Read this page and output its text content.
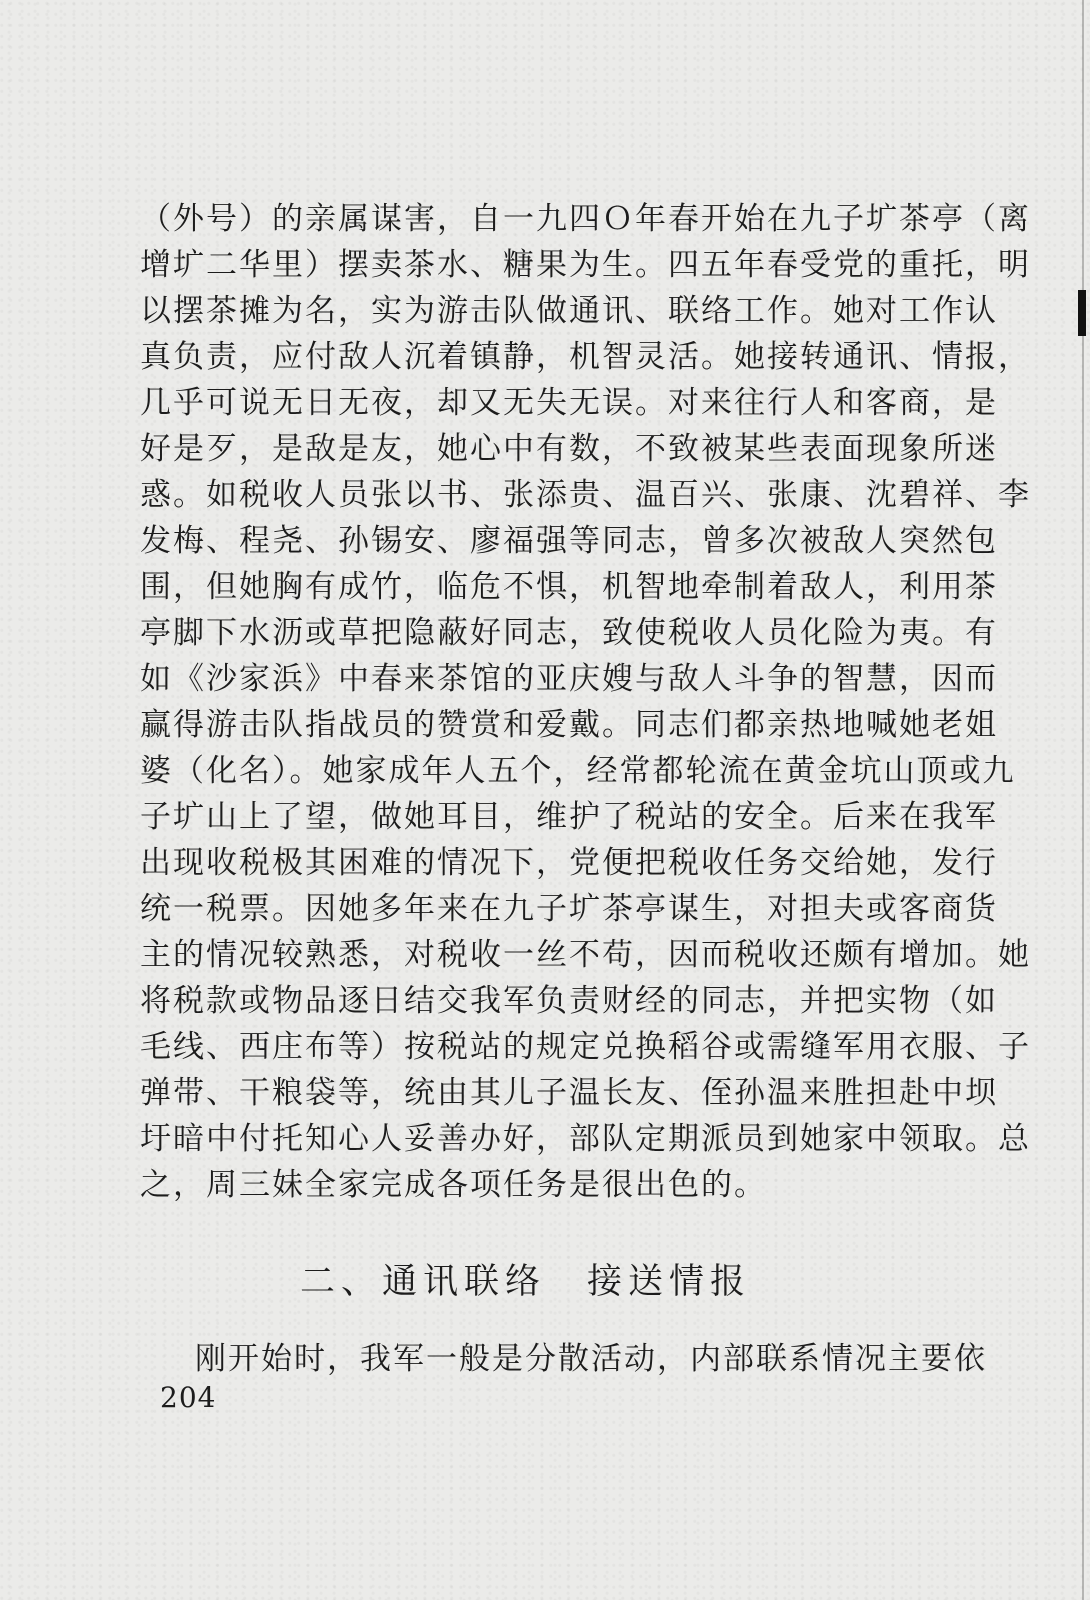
（外号）的亲属谋害，自一九四Ｏ年春开始在九子圹茶亭（离
增圹二华里）摆卖茶水、糖果为生。四五年春受党的重托，明
以摆茶摊为名，实为游击队做通讯、联络工作。她对工作认
真负责，应付敌人沉着镇静，机智灵活。她接转通讯、情报，
几乎可说无日无夜，却又无失无误。对来往行人和客商，是
好是歹，是敌是友，她心中有数，不致被某些表面现象所迷
惑。如税收人员张以书、张添贵、温百兴、张康、沈碧祥、李
发梅、程尧、孙锡安、廖福强等同志，曾多次被敌人突然包
围，但她胸有成竹，临危不惧，机智地牵制着敌人，利用茶
亭脚下水沥或草把隐蔽好同志，致使税收人员化险为夷。有
如《沙家浜》中春来茶馆的亚庆嫂与敌人斗争的智慧，因而
赢得游击队指战员的赞赏和爱戴。同志们都亲热地喊她老姐
婆（化名）。她家成年人五个，经常都轮流在黄金坑山顶或九
子圹山上了望，做她耳目，维护了税站的安全。后来在我军
出现收税极其困难的情况下，党便把税收任务交给她，发行
统一税票。因她多年来在九子圹茶亭谋生，对担夫或客商货
主的情况较熟悉，对税收一丝不苟，因而税收还颇有增加。她
将税款或物品逐日结交我军负责财经的同志，并把实物（如
毛线、西庄布等）按税站的规定兑换稻谷或需缝军用衣服、子
弹带、干粮袋等，统由其儿子温长友、侄孙温来胜担赴中坝
圩暗中付托知心人妥善办好，部队定期派员到她家中领取。总
之，周三妹全家完成各项任务是很出色的。
二、通讯联络　接送情报
刚开始时，我军一般是分散活动，内部联系情况主要依
204
